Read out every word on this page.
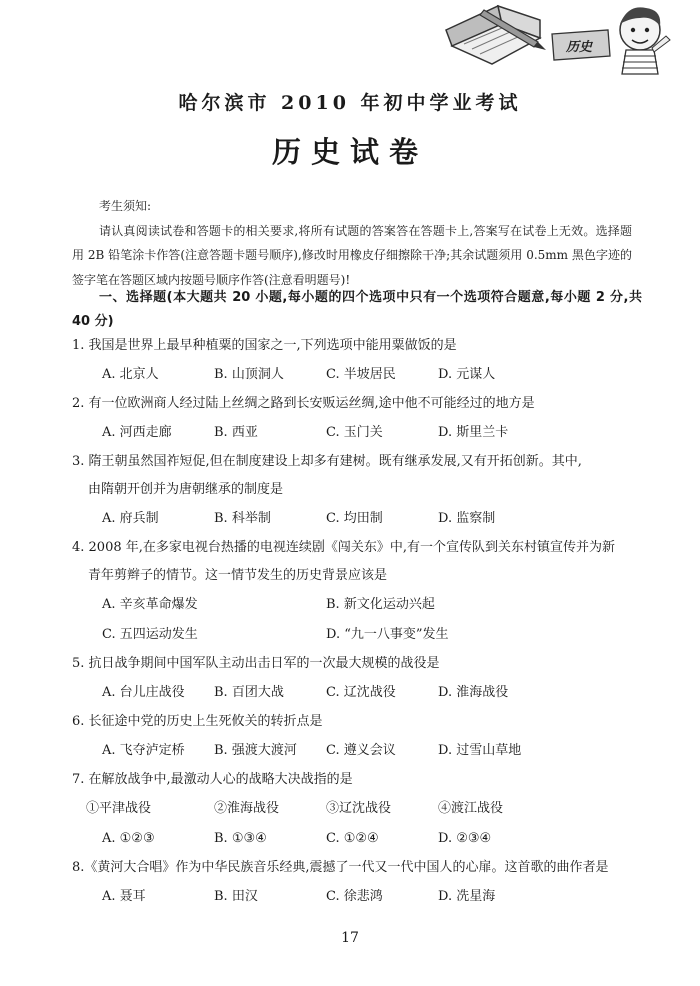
历史
哈尔滨市 2010 年初中学业考试
历史试卷
考生须知:
请认真阅读试卷和答题卡的相关要求,将所有试题的答案答在答题卡上,答案写在试卷上无效。选择题用 2B 铅笔涂卡作答(注意答题卡题号顺序),修改时用橡皮仔细擦除干净;其余试题须用 0.5mm 黑色字迹的签字笔在答题区域内按题号顺序作答(注意看明题号)!
一、选择题(本大题共 20 小题,每小题的四个选项中只有一个选项符合题意,每小题 2 分,共 40 分)
1. 我国是世界上最早种植粟的国家之一,下列选项中能用粟做饭的是
A. 北京人	B. 山顶洞人	C. 半坡居民	D. 元谋人
2. 有一位欧洲商人经过陆上丝绸之路到长安贩运丝绸,途中他不可能经过的地方是
A. 河西走廊	B. 西亚	C. 玉门关	D. 斯里兰卡
3. 隋王朝虽然国祚短促,但在制度建设上却多有建树。既有继承发展,又有开拓创新。其中,
由隋朝开创并为唐朝继承的制度是
A. 府兵制	B. 科举制	C. 均田制	D. 监察制
4. 2008 年,在多家电视台热播的电视连续剧《闯关东》中,有一个宣传队到关东村镇宣传并为新
青年剪辫子的情节。这一情节发生的历史背景应该是
A. 辛亥革命爆发	B. 新文化运动兴起
C. 五四运动发生	D. “九一八事变”发生
5. 抗日战争期间中国军队主动出击日军的一次最大规模的战役是
A. 台儿庄战役 B. 百团大战	C. 辽沈战役	D. 淮海战役
6. 长征途中党的历史上生死攸关的转折点是
A. 飞夺泸定桥 B. 强渡大渡河 C. 遵义会议	D. 过雪山草地
7. 在解放战争中,最激动人心的战略大决战指的是
①平津战役	②淮海战役	③辽沈战役	④渡江战役
A. ①②③	B. ①③④	C. ①②④	D. ②③④
8.《黄河大合唱》作为中华民族音乐经典,震撼了一代又一代中国人的心扉。这首歌的曲作者是
A. 聂耳	B. 田汉	C. 徐悲鸿	D. 冼星海
17
